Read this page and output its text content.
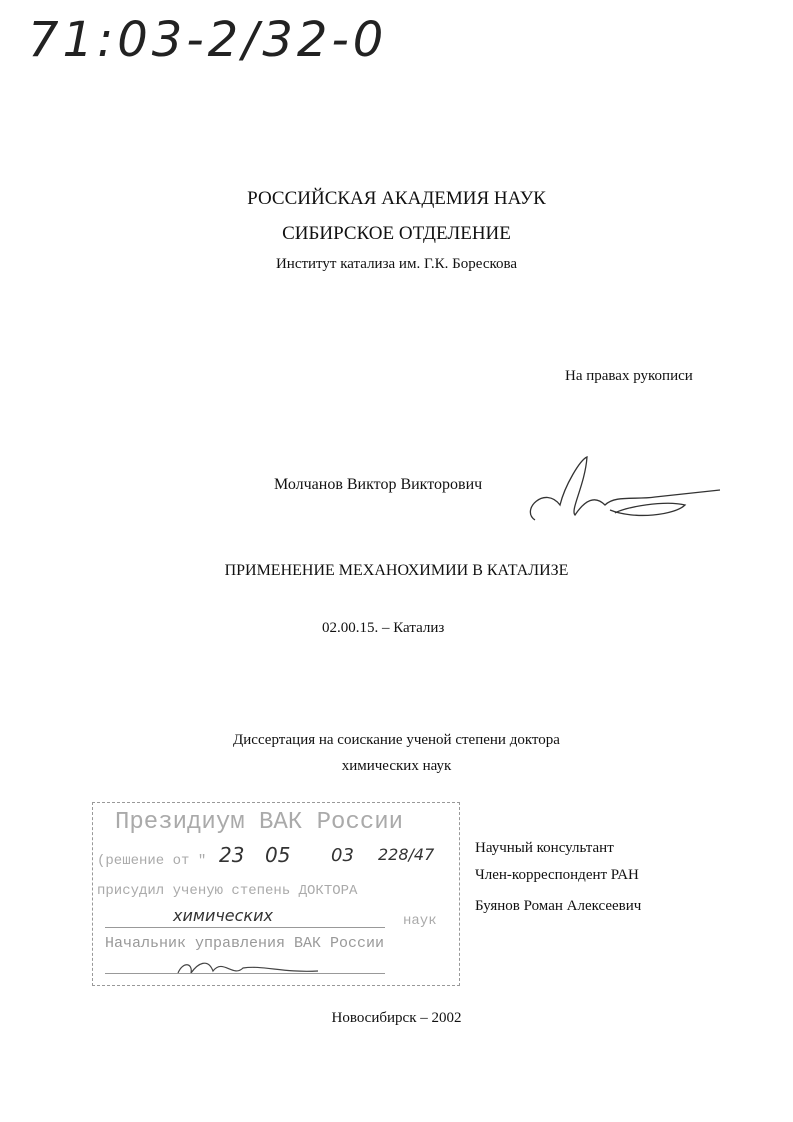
71:03-2/32-0
РОССИЙСКАЯ АКАДЕМИЯ НАУК
СИБИРСКОЕ ОТДЕЛЕНИЕ
Институт катализа им. Г.К. Борескова
На правах рукописи
Молчанов Виктор Викторович
ПРИМЕНЕНИЕ МЕХАНОХИМИИ В КАТАЛИЗЕ
02.00.15. – Катализ
Диссертация на соискание ученой степени доктора
химических наук
Президиум ВАК России
(решение от " 23 05 03 228/47
присудил ученую степень ДОКТОРА
химических	наук
Начальник управления ВАК России
Научный консультант
Член-корреспондент РАН
Буянов Роман Алексеевич
Новосибирск – 2002
